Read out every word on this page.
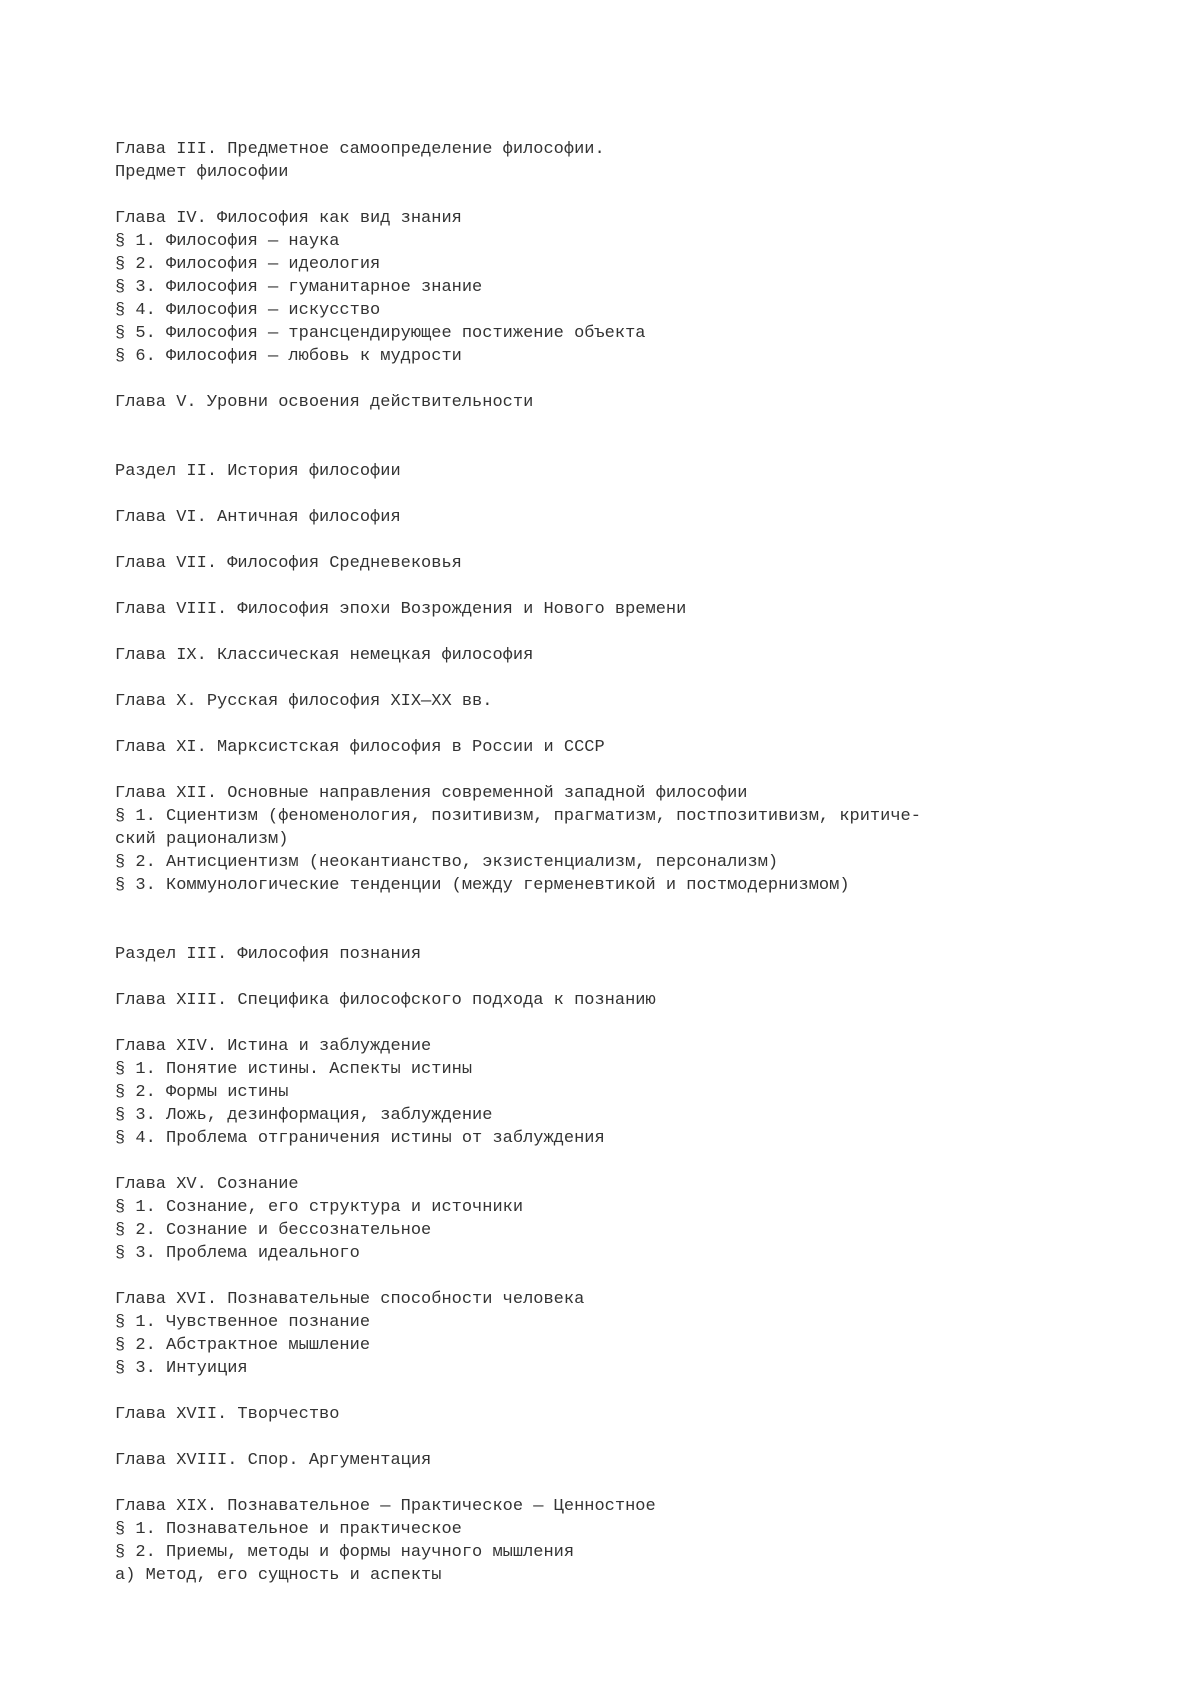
Глава III. Предметное самоопределение философии.
Предмет философии
Глава IV. Философия как вид знания
§ 1. Философия — наука
§ 2. Философия — идеология
§ 3. Философия — гуманитарное знание
§ 4. Философия — искусство
§ 5. Философия — трансцендирующее постижение объекта
§ 6. Философия — любовь к мудрости
Глава V. Уровни освоения действительности
Раздел II. История философии
Глава VI. Античная философия
Глава VII. Философия Средневековья
Глава VIII. Философия эпохи Возрождения и Нового времени
Глава IX. Классическая немецкая философия
Глава X. Русская философия XIX—XX вв.
Глава XI. Марксистская философия в России и СССР
Глава XII. Основные направления современной западной философии
§ 1. Сциентизм (феноменология, позитивизм, прагматизм, постпозитивизм, критиче-
ский рационализм)
§ 2. Антисциентизм (неокантианство, экзистенциализм, персонализм)
§ 3. Коммунологические тенденции (между герменевтикой и постмодернизмом)
Раздел III. Философия познания
Глава XIII. Специфика философского подхода к познанию
Глава XIV. Истина и заблуждение
§ 1. Понятие истины. Аспекты истины
§ 2. Формы истины
§ 3. Ложь, дезинформация, заблуждение
§ 4. Проблема отграничения истины от заблуждения
Глава XV. Сознание
§ 1. Сознание, его структура и источники
§ 2. Сознание и бессознательное
§ 3. Проблема идеального
Глава XVI. Познавательные способности человека
§ 1. Чувственное познание
§ 2. Абстрактное мышление
§ 3. Интуиция
Глава XVII. Творчество
Глава XVIII. Спор. Аргументация
Глава XIX. Познавательное — Практическое — Ценностное
§ 1. Познавательное и практическое
§ 2. Приемы, методы и формы научного мышления
а) Метод, его сущность и аспекты
